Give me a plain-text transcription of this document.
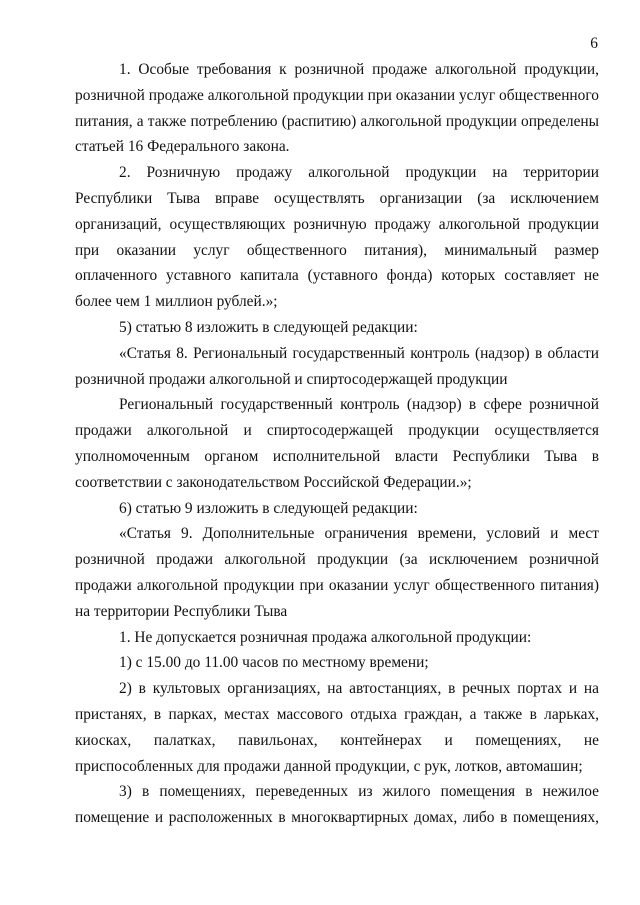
6
1. Особые требования к розничной продаже алкогольной продукции,
розничной продаже алкогольной продукции при оказании услуг общественного
питания, а также потреблению (распитию) алкогольной продукции определены
статьей 16 Федерального закона.
2. Розничную продажу алкогольной продукции на территории
Республики Тыва вправе осуществлять организации (за исключением
организаций, осуществляющих розничную продажу алкогольной продукции
при оказании услуг общественного питания), минимальный размер
оплаченного уставного капитала (уставного фонда) которых составляет не
более чем 1 миллион рублей.»;
5) статью 8 изложить в следующей редакции:
«Статья 8. Региональный государственный контроль (надзор) в области
розничной продажи алкогольной и спиртосодержащей продукции
Региональный государственный контроль (надзор) в сфере розничной
продажи алкогольной и спиртосодержащей продукции осуществляется
уполномоченным органом исполнительной власти Республики Тыва в
соответствии с законодательством Российской Федерации.»;
6) статью 9 изложить в следующей редакции:
«Статья 9. Дополнительные ограничения времени, условий и мест
розничной продажи алкогольной продукции (за исключением розничной
продажи алкогольной продукции при оказании услуг общественного питания)
на территории Республики Тыва
1. Не допускается розничная продажа алкогольной продукции:
1) с 15.00 до 11.00 часов по местному времени;
2) в культовых организациях, на автостанциях, в речных портах и на
пристанях, в парках, местах массового отдыха граждан, а также в ларьках,
киосках, палатках, павильонах, контейнерах и помещениях, не
приспособленных для продажи данной продукции, с рук, лотков, автомашин;
3) в помещениях, переведенных из жилого помещения в нежилое
помещение и расположенных в многоквартирных домах, либо в помещениях,
